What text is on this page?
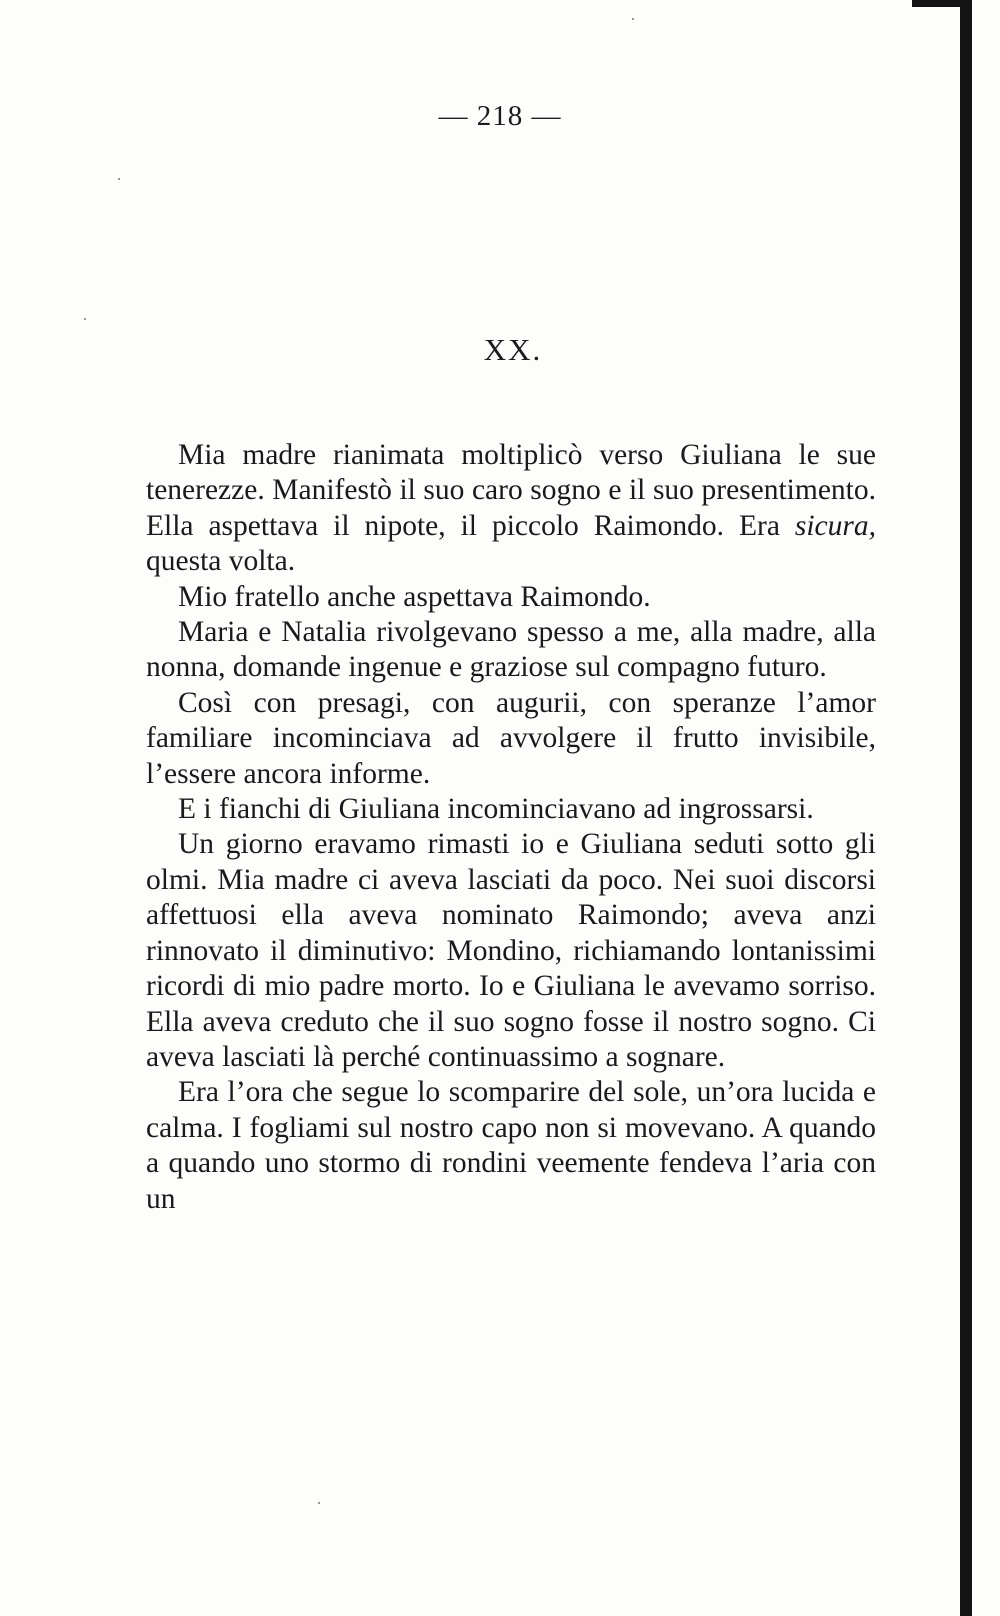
— 218 —
XX.

Mia madre rianimata moltiplicò verso Giuliana le sue tenerezze. Manifestò il suo caro sogno e il suo presentimento. Ella aspettava il nipote, il piccolo Raimondo. Era sicura, questa volta.

Mio fratello anche aspettava Raimondo.

Maria e Natalia rivolgevano spesso a me, alla madre, alla nonna, domande ingenue e graziose sul compagno futuro.

Così con presagi, con augurii, con speranze l’amor familiare incominciava ad avvolgere il frutto invisibile, l’essere ancora informe.

E i fianchi di Giuliana incominciavano ad ingrossarsi.

Un giorno eravamo rimasti io e Giuliana seduti sotto gli olmi. Mia madre ci aveva lasciati da poco. Nei suoi discorsi affettuosi ella aveva nominato Raimondo; aveva anzi rinnovato il diminutivo: Mondino, richiamando lontanissimi ricordi di mio padre morto. Io e Giuliana le avevamo sorriso. Ella aveva creduto che il suo sogno fosse il nostro sogno. Ci aveva lasciati là perché continuassimo a sognare.

Era l’ora che segue lo scomparire del sole, un’ora lucida e calma. I fogliami sul nostro capo non si movevano. A quando a quando uno stormo di rondini veemente fendeva l’aria con un
